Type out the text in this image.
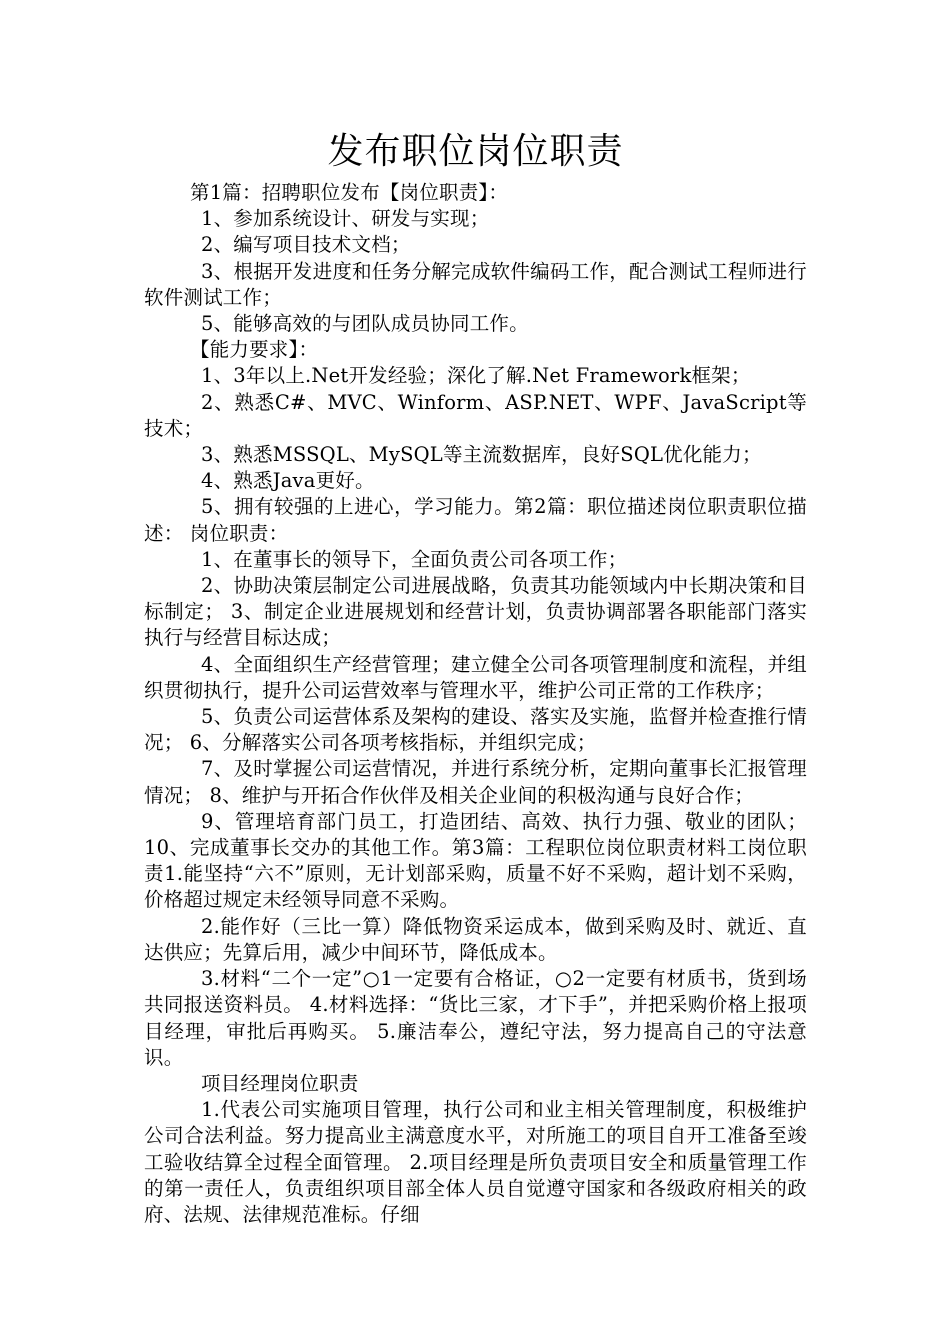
发布职位岗位职责

第1篇：招聘职位发布【岗位职责】：

1、参加系统设计、研发与实现；

2、编写项目技术文档；

3、根据开发进度和任务分解完成软件编码工作，配合测试工程师进行软件测试工作；

5、能够高效的与团队成员协同工作。

【能力要求】：

1、3年以上.Net开发经验；深化了解.Net Framework框架；

2、熟悉C#、MVC、Winform、ASP.NET、WPF、JavaScript等技术；

3、熟悉MSSQL、MySQL等主流数据库，良好SQL优化能力；

4、熟悉Java更好。

5、拥有较强的上进心，学习能力。第2篇：职位描述岗位职责职位描述： 岗位职责：

1、在董事长的领导下，全面负责公司各项工作；

2、协助决策层制定公司进展战略，负责其功能领域内中长期决策和目标制定； 3、制定企业进展规划和经营计划，负责协调部署各职能部门落实执行与经营目标达成；

4、全面组织生产经营管理；建立健全公司各项管理制度和流程，并组织贯彻执行，提升公司运营效率与管理水平，维护公司正常的工作秩序；

5、负责公司运营体系及架构的建设、落实及实施，监督并检查推行情况； 6、分解落实公司各项考核指标，并组织完成；

7、及时掌握公司运营情况，并进行系统分析，定期向董事长汇报管理情况； 8、维护与开拓合作伙伴及相关企业间的积极沟通与良好合作；

9、管理培育部门员工，打造团结、高效、执行力强、敬业的团队； 10、完成董事长交办的其他工作。第3篇：工程职位岗位职责材料工岗位职责1.能坚持“六不”原则，无计划部采购，质量不好不采购，超计划不采购，价格超过规定未经领导同意不采购。

2.能作好（三比一算）降低物资采运成本，做到采购及时、就近、直达供应；先算后用，减少中间环节，降低成本。

3.材料“二个一定”○1一定要有合格证，○2一定要有材质书，货到场共同报送资料员。 4.材料选择：“货比三家，才下手”，并把采购价格上报项目经理，审批后再购买。 5.廉洁奉公，遵纪守法，努力提高自己的守法意识。

项目经理岗位职责

1.代表公司实施项目管理，执行公司和业主相关管理制度，积极维护公司合法利益。努力提高业主满意度水平，对所施工的项目自开工准备至竣工验收结算全过程全面管理。 2.项目经理是所负责项目安全和质量管理工作的第一责任人，负责组织项目部全体人员自觉遵守国家和各级政府相关的政府、法规、法律规范准标。仔细
